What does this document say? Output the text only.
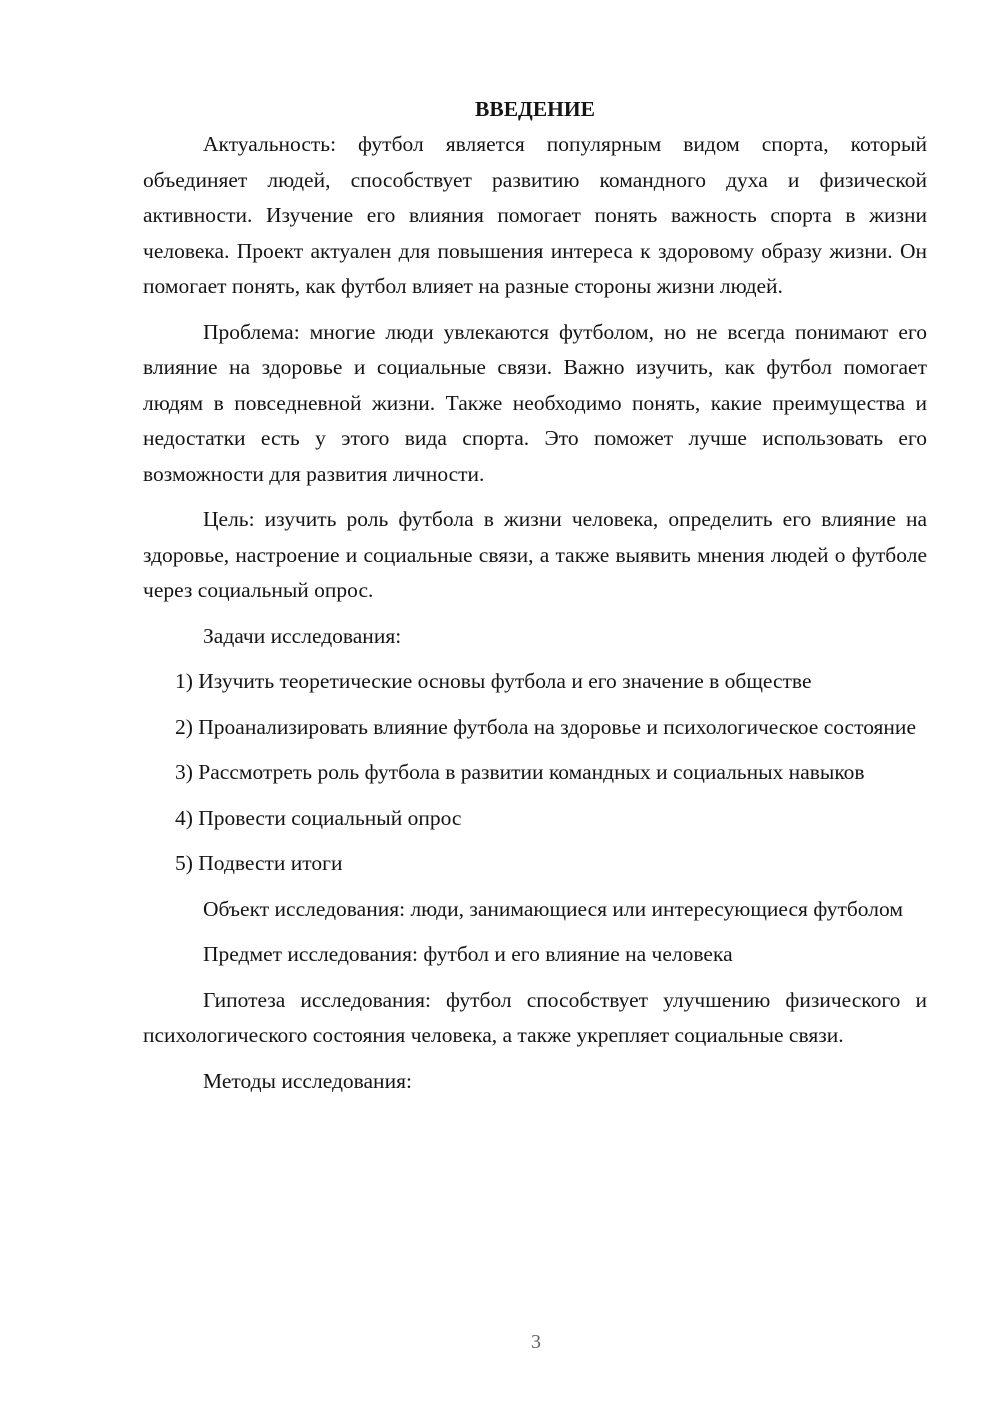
ВВЕДЕНИЕ

Актуальность: футбол является популярным видом спорта, который объединяет людей, способствует развитию командного духа и физической активности. Изучение его влияния помогает понять важность спорта в жизни человека. Проект актуален для повышения интереса к здоровому образу жизни. Он помогает понять, как футбол влияет на разные стороны жизни людей.

Проблема: многие люди увлекаются футболом, но не всегда понимают его влияние на здоровье и социальные связи. Важно изучить, как футбол помогает людям в повседневной жизни. Также необходимо понять, какие преимущества и недостатки есть у этого вида спорта. Это поможет лучше использовать его возможности для развития личности.

Цель: изучить роль футбола в жизни человека, определить его влияние на здоровье, настроение и социальные связи, а также выявить мнения людей о футболе через социальный опрос.

Задачи исследования:

1) Изучить теоретические основы футбола и его значение в обществе

2) Проанализировать влияние футбола на здоровье и психологическое состояние

3) Рассмотреть роль футбола в развитии командных и социальных навыков

4) Провести социальный опрос

5) Подвести итоги

Объект исследования: люди, занимающиеся или интересующиеся футболом

Предмет исследования: футбол и его влияние на человека

Гипотеза исследования: футбол способствует улучшению физического и психологического состояния человека, а также укрепляет социальные связи.

Методы исследования:

3
